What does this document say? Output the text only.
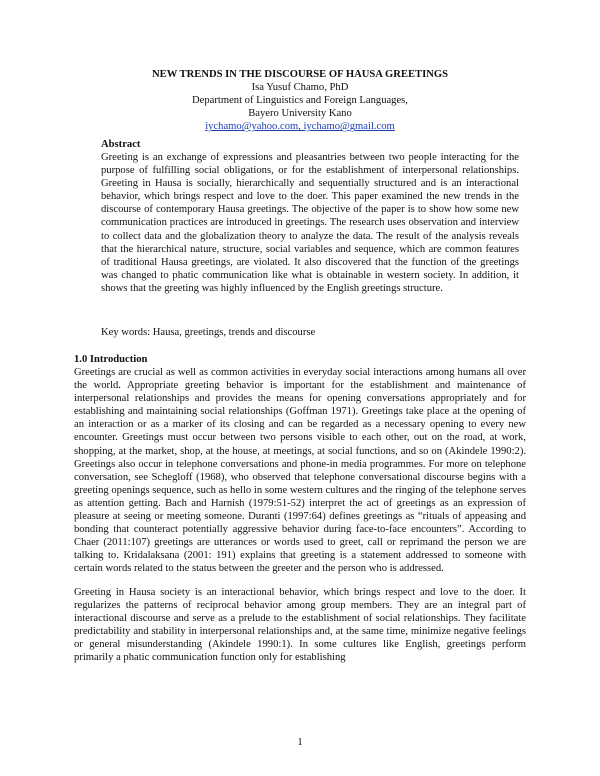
NEW TRENDS IN THE DISCOURSE OF HAUSA GREETINGS
Isa Yusuf Chamo, PhD
Department of Linguistics and Foreign Languages,
Bayero University Kano
iychamo@yahoo.com, iychamo@gmail.com
Abstract

Greeting is an exchange of expressions and pleasantries between two people interacting for the purpose of fulfilling social obligations, or for the establishment of interpersonal relationships. Greeting in Hausa is socially, hierarchically and sequentially structured and is an interactional behavior, which brings respect and love to the doer. This paper examined the new trends in the discourse of contemporary Hausa greetings. The objective of the paper is to show how some new communication practices are introduced in greetings. The research uses observation and interview to collect data and the globalization theory to analyze the data. The result of the analysis reveals that the hierarchical nature, structure, social variables and sequence, which are common features of traditional Hausa greetings, are violated. It also discovered that the function of the greetings was changed to phatic communication like what is obtainable in western society. In addition, it shows that the greeting was highly influenced by the English greetings structure.

Key words: Hausa, greetings, trends and discourse
1.0 Introduction

Greetings are crucial as well as common activities in everyday social interactions among humans all over the world. Appropriate greeting behavior is important for the establishment and maintenance of interpersonal relationships and provides the means for opening conversations appropriately and for establishing and maintaining social relationships (Goffman 1971). Greetings take place at the opening of an interaction or as a marker of its closing and can be regarded as a necessary opening to every new encounter. Greetings must occur between two persons visible to each other, out on the road, at work, shopping, at the market, shop, at the house, at meetings, at social functions, and so on (Akindele 1990:2). Greetings also occur in telephone conversations and phone-in media programmes. For more on telephone conversation, see Schegloff (1968), who observed that telephone conversational discourse begins with a greeting openings sequence, such as hello in some western cultures and the ringing of the telephone serves as attention getting. Bach and Harnish (1979:51-52) interpret the act of greetings as an expression of pleasure at seeing or meeting someone. Duranti (1997:64) defines greetings as “rituals of appeasing and bonding that counteract potentially aggressive behavior during face-to-face encounters”. According to Chaer (2011:107) greetings are utterances or words used to greet, call or reprimand the person we are talking to. Kridalaksana (2001: 191) explains that greeting is a statement addressed to someone with certain words related to the status between the greeter and the person who is addressed.

Greeting in Hausa society is an interactional behavior, which brings respect and love to the doer. It regularizes the patterns of reciprocal behavior among group members. They are an integral part of interactional discourse and serve as a prelude to the establishment of social relationships. They facilitate predictability and stability in interpersonal relationships and, at the same time, minimize negative feelings or general misunderstanding (Akindele 1990:1). In some cultures like English, greetings perform primarily a phatic communication function only for establishing

1
